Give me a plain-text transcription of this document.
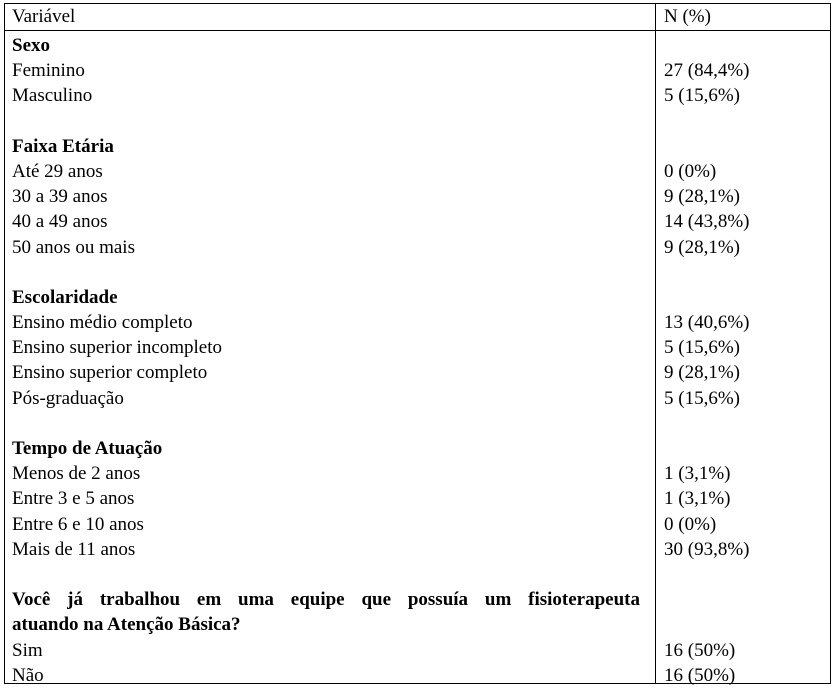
Variável	N (%)
Sexo
Feminino	27 (84,4%)
Masculino	5 (15,6%)
Faixa Etária
Até 29 anos	0 (0%)
30 a 39 anos	9 (28,1%)
40 a 49 anos	14 (43,8%)
50 anos ou mais	9 (28,1%)
Escolaridade
Ensino médio completo	13 (40,6%)
Ensino superior incompleto	5 (15,6%)
Ensino superior completo	9 (28,1%)
Pós-graduação	5 (15,6%)
Tempo de Atuação
Menos de 2 anos	1 (3,1%)
Entre 3 e 5 anos	1 (3,1%)
Entre 6 e 10 anos	0 (0%)
Mais de 11 anos	30 (93,8%)
Você já trabalhou em uma equipe que possuía um fisioterapeuta
atuando na Atenção Básica?
Sim	16 (50%)
Não	16 (50%)
